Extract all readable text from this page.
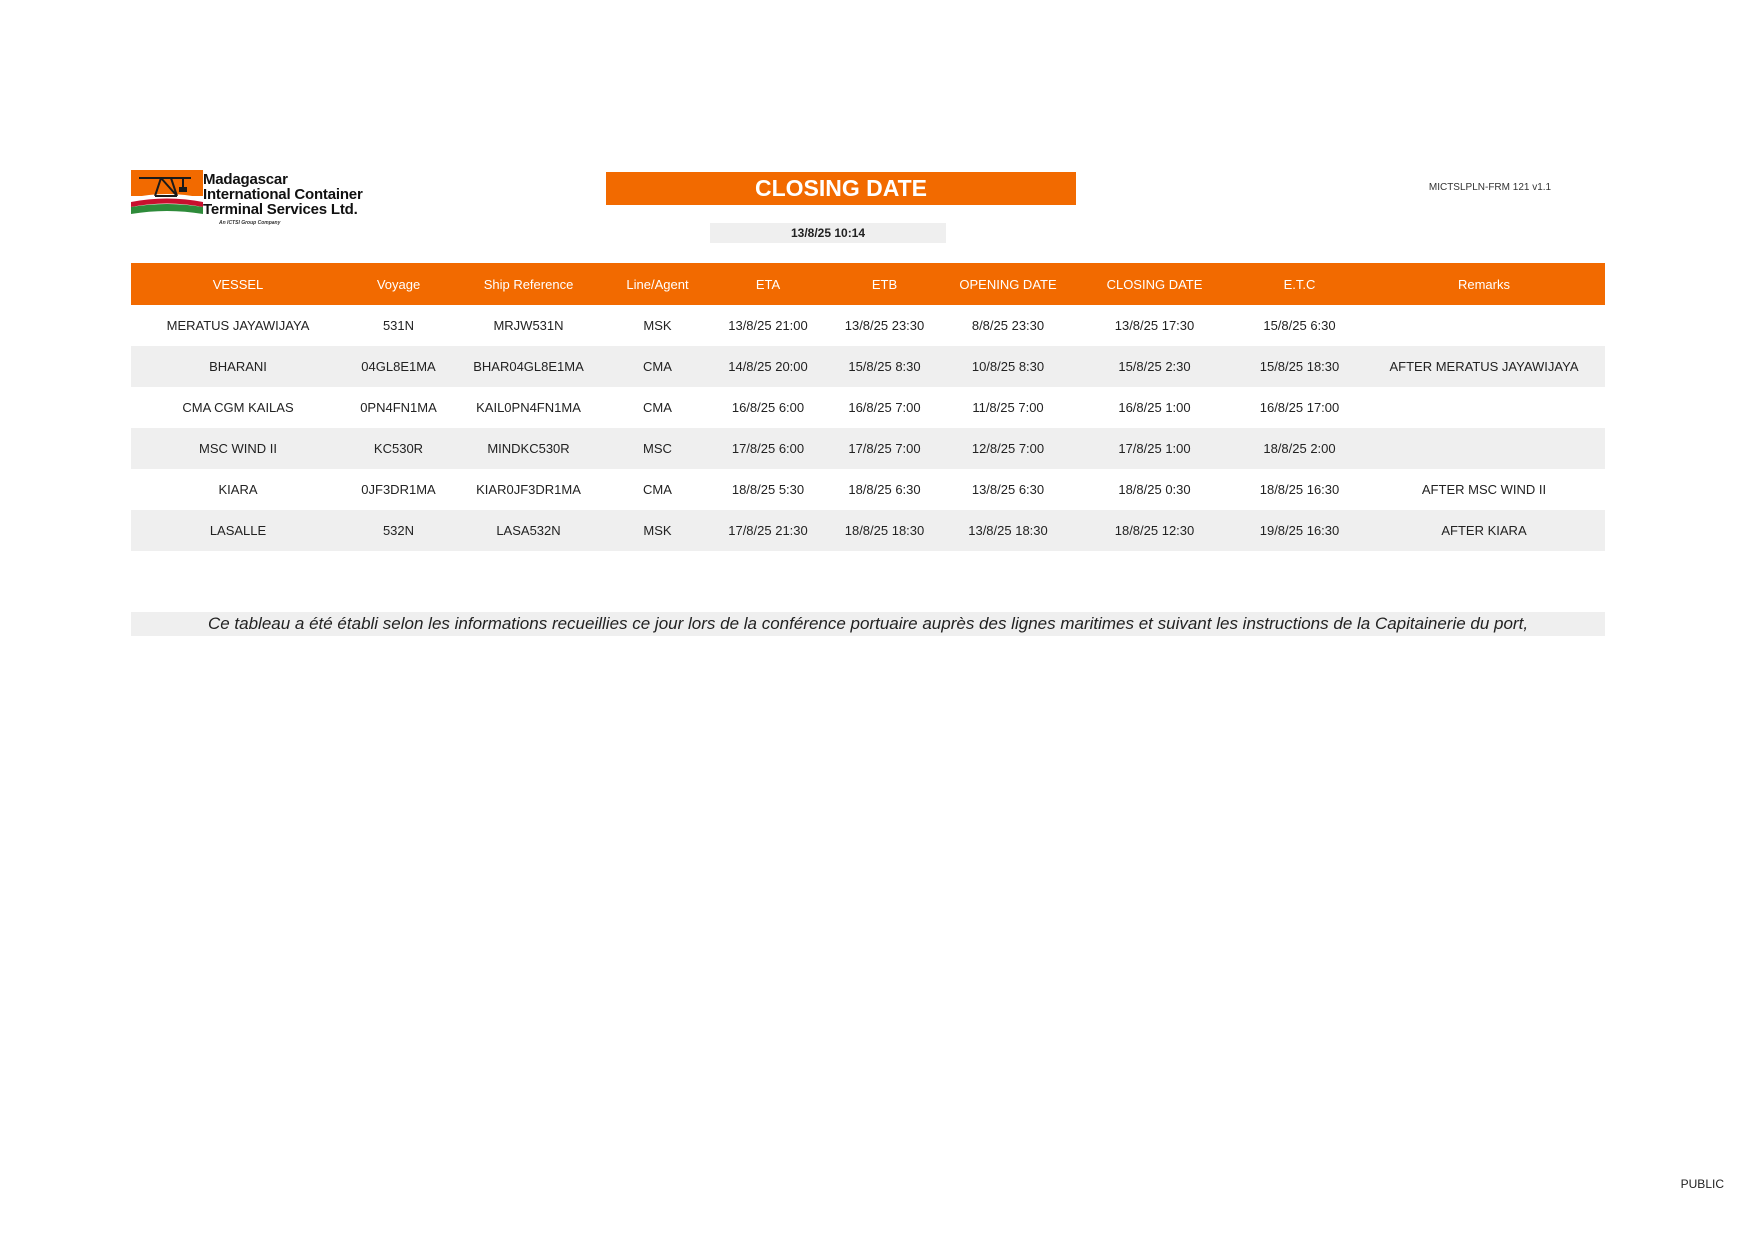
Madagascar
International Container
Terminal Services Ltd.
An ICTSI Group Company
CLOSING DATE	MICTSLPLN-FRM 121 v1.1
13/8/25 10:14
VESSEL	Voyage	Ship Reference	Line/Agent	ETA	ETB	OPENING DATE	CLOSING DATE	E.T.C	Remarks
MERATUS JAYAWIJAYA	531N	MRJW531N	MSK	13/8/25 21:00	13/8/25 23:30	8/8/25 23:30	13/8/25 17:30	15/8/25 6:30	
BHARANI	04GL8E1MA	BHAR04GL8E1MA	CMA	14/8/25 20:00	15/8/25 8:30	10/8/25 8:30	15/8/25 2:30	15/8/25 18:30	AFTER MERATUS JAYAWIJAYA
CMA CGM KAILAS	0PN4FN1MA	KAIL0PN4FN1MA	CMA	16/8/25 6:00	16/8/25 7:00	11/8/25 7:00	16/8/25 1:00	16/8/25 17:00	
MSC WIND II	KC530R	MINDKC530R	MSC	17/8/25 6:00	17/8/25 7:00	12/8/25 7:00	17/8/25 1:00	18/8/25 2:00	
KIARA	0JF3DR1MA	KIAR0JF3DR1MA	CMA	18/8/25 5:30	18/8/25 6:30	13/8/25 6:30	18/8/25 0:30	18/8/25 16:30	AFTER MSC WIND II
LASALLE	532N	LASA532N	MSK	17/8/25 21:30	18/8/25 18:30	13/8/25 18:30	18/8/25 12:30	19/8/25 16:30	AFTER KIARA
Ce tableau a été établi selon les informations recueillies ce jour lors de la conférence portuaire auprès des lignes maritimes et suivant les instructions de la Capitainerie du port,
PUBLIC
